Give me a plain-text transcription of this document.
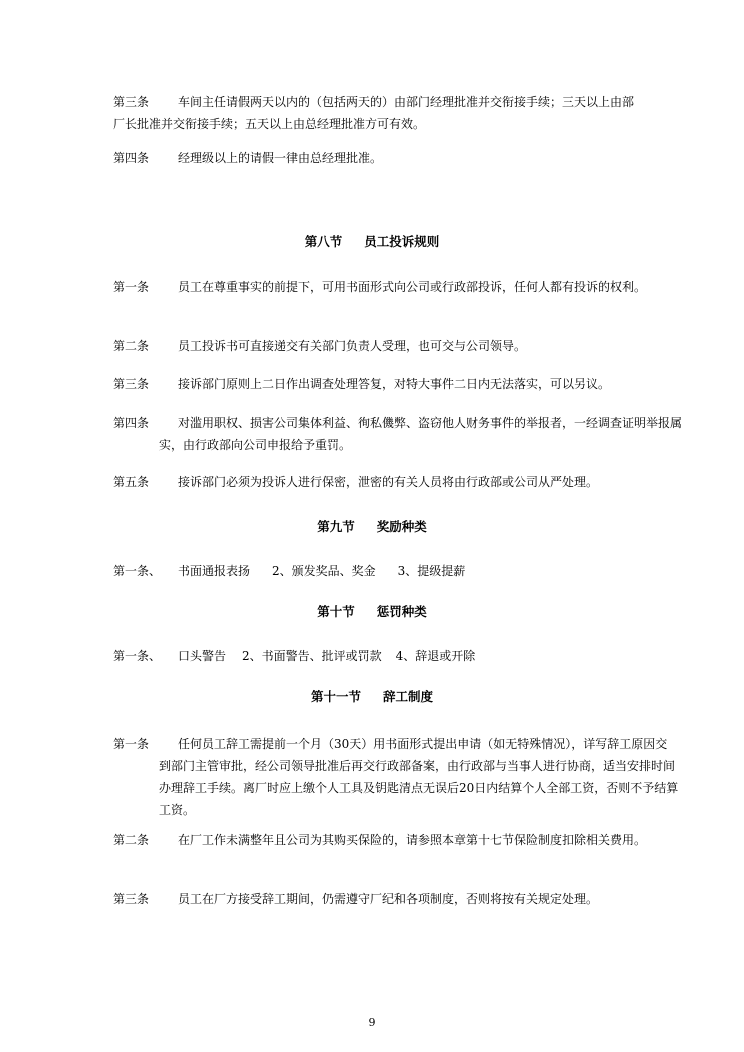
第三条 车间主任请假两天以内的（包括两天的）由部门经理批准并交衔接手续；三天以上由部厂长批准并交衔接手续；五天以上由总经理批准方可有效。
第四条 经理级以上的请假一律由总经理批准。
第八节 员工投诉规则
第一条 员工在尊重事实的前提下，可用书面形式向公司或行政部投诉，任何人都有投诉的权利。
第二条 员工投诉书可直接递交有关部门负责人受理，也可交与公司领导。
第三条 接诉部门原则上二日作出调查处理答复，对特大事件二日内无法落实，可以另议。
第四条 对滥用职权、损害公司集体利益、徇私僟弊、盗窃他人财务事件的举报者，一经调查证明举报属实，由行政部向公司申报给予重罚。
第五条 接诉部门必须为投诉人进行保密，泄密的有关人员将由行政部或公司从严处理。
第九节 奖励种类
第一条、 书面通报表扬 2、颁发奖品、奖金 3、提级提薪
第十节 惩罚种类
第一条、 口头警告 2、书面警告、批评或罚款 4、辞退或开除
第十一节 辞工制度
第一条 任何员工辞工需提前一个月（30天）用书面形式提出申请（如无特殊情况），详写辞工原因交到部门主管审批，经公司领导批准后再交行政部备案，由行政部与当事人进行协商，适当安排时间办理辞工手续。离厂时应上缴个人工具及钥匙清点无误后20日内结算个人全部工资，否则不予结算工资。
第二条 在厂工作未满整年且公司为其购买保险的，请参照本章第十七节保险制度扣除相关费用。
第三条 员工在厂方接受辞工期间，仍需遵守厂纪和各项制度，否则将按有关规定处理。
9
